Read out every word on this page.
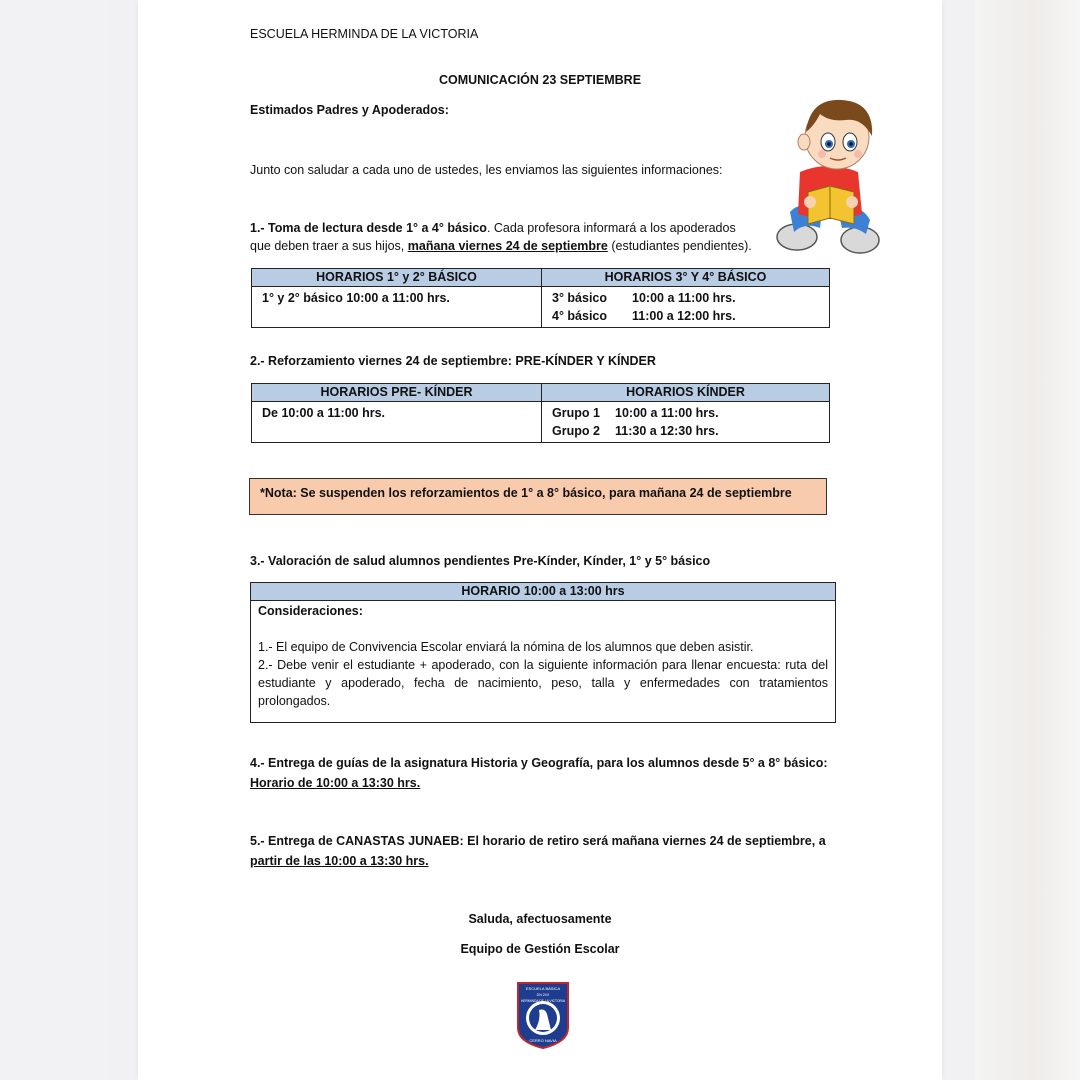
ESCUELA HERMINDA DE LA VICTORIA
COMUNICACIÓN 23 SEPTIEMBRE
Estimados Padres y Apoderados:
Junto con saludar a cada uno de ustedes, les enviamos las siguientes informaciones:
1.- Toma de lectura desde 1° a 4° básico. Cada profesora informará a los apoderados
que deben traer a sus hijos, mañana viernes 24 de septiembre (estudiantes pendientes).
HORARIOS 1° y 2° BÁSICO	HORARIOS 3° Y 4° BÁSICO
1° y 2° básico 10:00 a 11:00 hrs.	3° básico 10:00 a 11:00 hrs.
4° básico 11:00 a 12:00 hrs.
2.- Reforzamiento viernes 24 de septiembre: PRE-KÍNDER Y KÍNDER
HORARIOS PRE- KÍNDER	HORARIOS KÍNDER
De 10:00 a 11:00 hrs.	Grupo 1 10:00 a 11:00 hrs.
Grupo 2 11:30 a 12:30 hrs.
*Nota: Se suspenden los reforzamientos de 1° a 8° básico, para mañana 24 de septiembre
3.- Valoración de salud alumnos pendientes Pre-Kínder, Kínder, 1° y 5° básico
HORARIO 10:00 a 13:00 hrs
Consideraciones:
1.- El equipo de Convivencia Escolar enviará la nómina de los alumnos que deben asistir.
2.- Debe venir el estudiante + apoderado, con la siguiente información para llenar encuesta: ruta del estudiante y apoderado, fecha de nacimiento, peso, talla y enfermedades con tratamientos prolongados.
4.- Entrega de guías de la asignatura Historia y Geografía, para los alumnos desde 5° a 8° básico:
Horario de 10:00 a 13:30 hrs.
5.- Entrega de CANASTAS JUNAEB: El horario de retiro será mañana viernes 24 de septiembre, a
partir de las 10:00 a 13:30 hrs.
Saluda, afectuosamente
Equipo de Gestión Escolar
ESCUELA BÁSICA
DN 2XX
HERMINDA DE LA VICTORIA
CERRO NAVIA
